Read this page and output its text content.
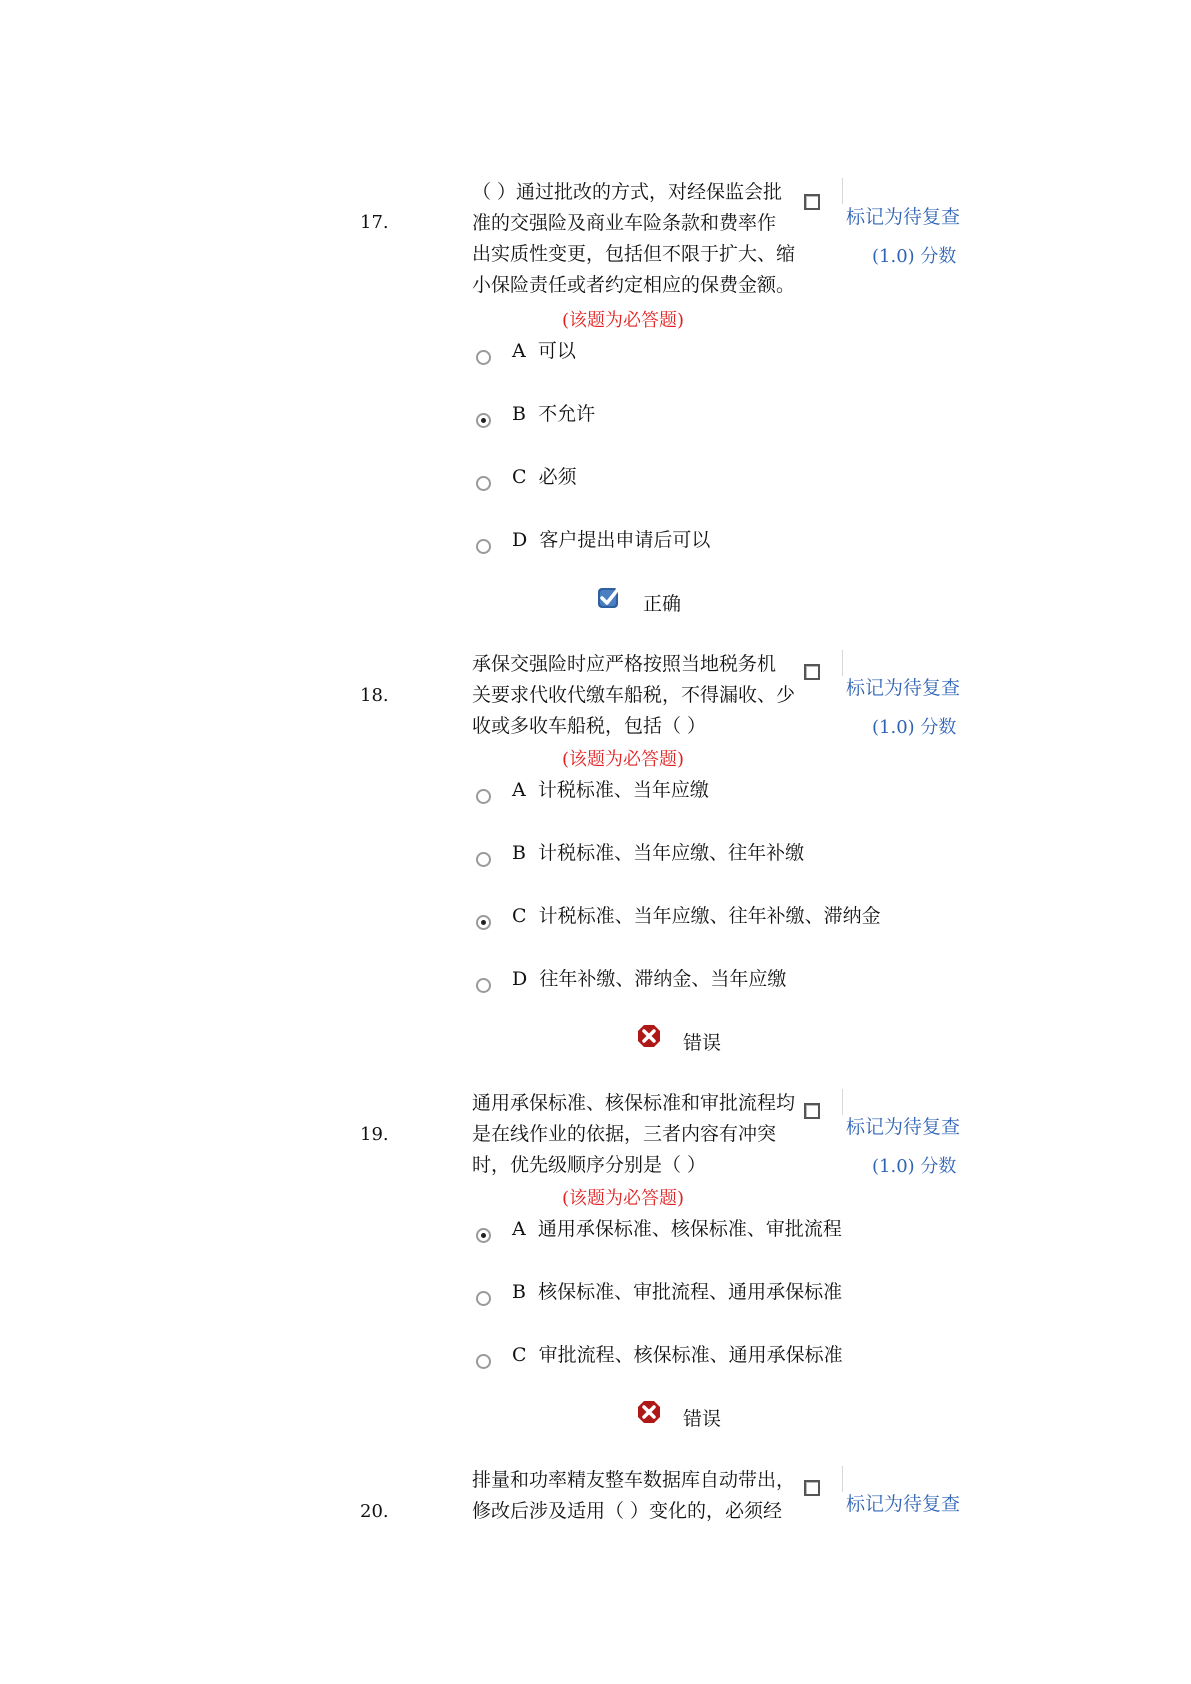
17.
（ ）通过批改的方式，对经保监会批
准的交强险及商业车险条款和费率作
出实质性变更，包括但不限于扩大、缩
小保险责任或者约定相应的保费金额。
标记为待复查
(1.0) 分数
(该题为必答题)
A 可以
B 不允许
C 必须
D 客户提出申请后可以
正确
18.
承保交强险时应严格按照当地税务机
关要求代收代缴车船税，不得漏收、少
收或多收车船税，包括（ ）
标记为待复查
(1.0) 分数
(该题为必答题)
A 计税标准、当年应缴
B 计税标准、当年应缴、往年补缴
C 计税标准、当年应缴、往年补缴、滞纳金
D 往年补缴、滞纳金、当年应缴
错误
19.
通用承保标准、核保标准和审批流程均
是在线作业的依据，三者内容有冲突
时，优先级顺序分别是（ ）
标记为待复查
(1.0) 分数
(该题为必答题)
A 通用承保标准、核保标准、审批流程
B 核保标准、审批流程、通用承保标准
C 审批流程、核保标准、通用承保标准
错误
20.
排量和功率精友整车数据库自动带出，
修改后涉及适用（ ）变化的，必须经	标记为待复查
